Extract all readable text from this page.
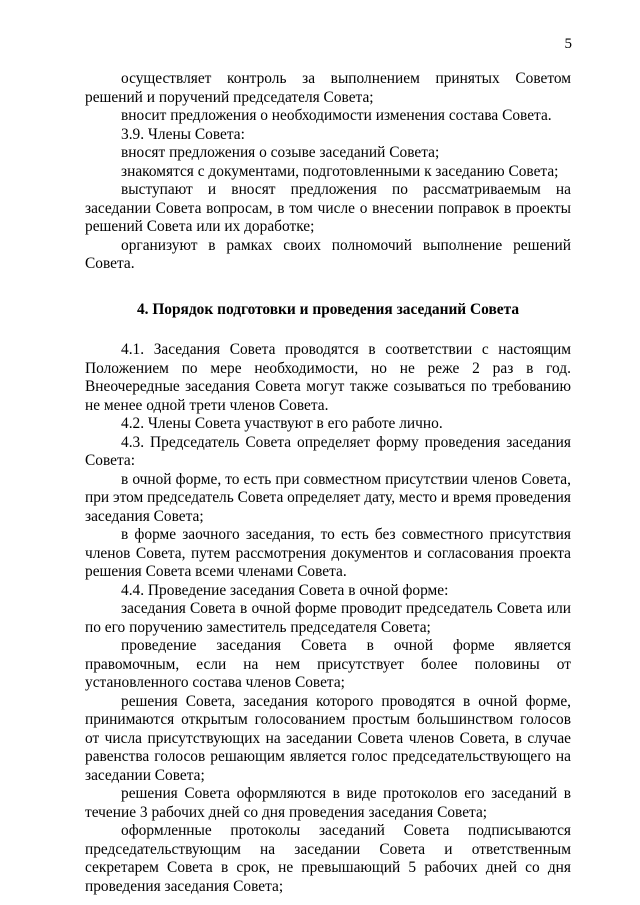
5

осуществляет контроль за выполнением принятых Советом решений и поручений председателя Совета;

вносит предложения о необходимости изменения состава Совета.

3.9. Члены Совета:

вносят предложения о созыве заседаний Совета;

знакомятся с документами, подготовленными к заседанию Совета;

выступают и вносят предложения по рассматриваемым на заседании Совета вопросам, в том числе о внесении поправок в проекты решений Совета или их доработке;

организуют в рамках своих полномочий выполнение решений Совета.

4. Порядок подготовки и проведения заседаний Совета

4.1. Заседания Совета проводятся в соответствии с настоящим Положением по мере необходимости, но не реже 2 раз в год. Внеочередные заседания Совета могут также созываться по требованию не менее одной трети членов Совета.

4.2. Члены Совета участвуют в его работе лично.

4.3. Председатель Совета определяет форму проведения заседания Совета:

в очной форме, то есть при совместном присутствии членов Совета, при этом председатель Совета определяет дату, место и время проведения заседания Совета;

в форме заочного заседания, то есть без совместного присутствия членов Совета, путем рассмотрения документов и согласования проекта решения Совета всеми членами Совета.

4.4. Проведение заседания Совета в очной форме:

заседания Совета в очной форме проводит председатель Совета или по его поручению заместитель председателя Совета;

проведение заседания Совета в очной форме является правомочным, если на нем присутствует более половины от установленного состава членов Совета;

решения Совета, заседания которого проводятся в очной форме, принимаются открытым голосованием простым большинством голосов от числа присутствующих на заседании Совета членов Совета, в случае равенства голосов решающим является голос председательствующего на заседании Совета;

решения Совета оформляются в виде протоколов его заседаний в течение 3 рабочих дней со дня проведения заседания Совета;

оформленные протоколы заседаний Совета подписываются председательствующим на заседании Совета и ответственным секретарем Совета в срок, не превышающий 5 рабочих дней со дня проведения заседания Совета;
